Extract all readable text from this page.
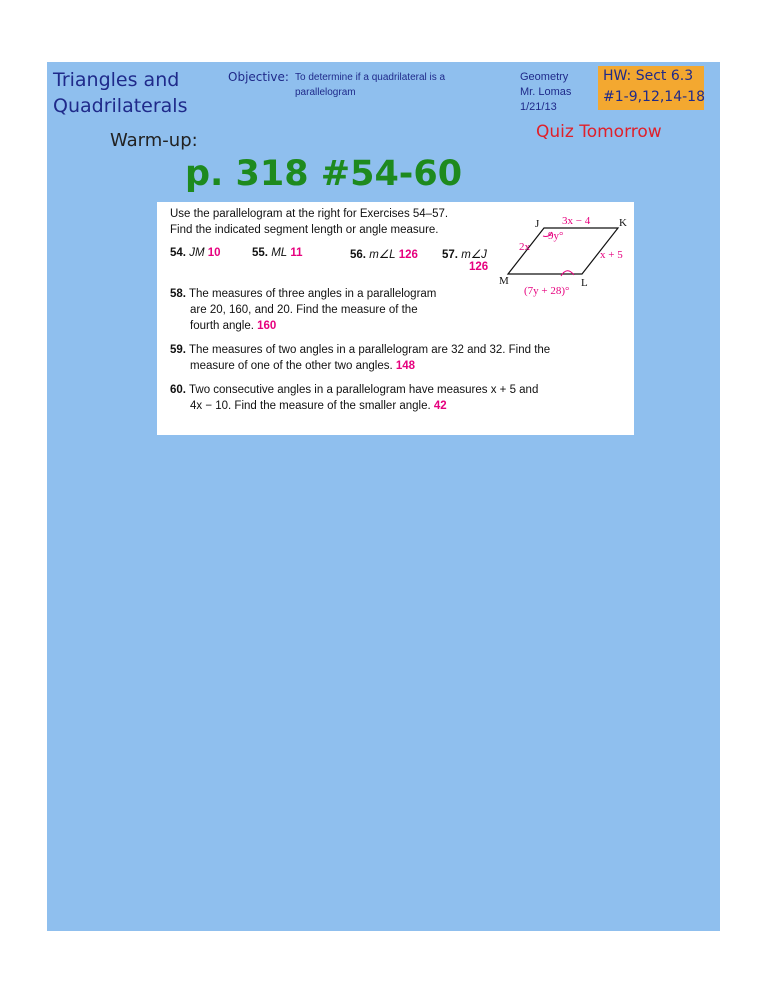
Triangles and
Quadrilaterals
Objective: To determine if a quadrilateral is a parallelogram
Geometry
Mr. Lomas
1/21/13
HW: Sect 6.3
#1-9,12,14-18
Quiz Tomorrow
Warm-up:
p. 318 #54-60
Use the parallelogram at the right for Exercises 54–57.
Find the indicated segment length or angle measure.
54. JM 10	55. ML 11	56. m∠L 126 57. m∠J
126
58. The measures of three angles in a parallelogram
are 20, 160, and 20. Find the measure of the
fourth angle. 160
59. The measures of two angles in a parallelogram are 32 and 32. Find the
measure of one of the other two angles. 148
60. Two consecutive angles in a parallelogram have measures x + 5 and
4x − 10. Find the measure of the smaller angle. 42
J	K
L
M
3x − 4
2x
x + 5
9y°
(7y + 28)°
